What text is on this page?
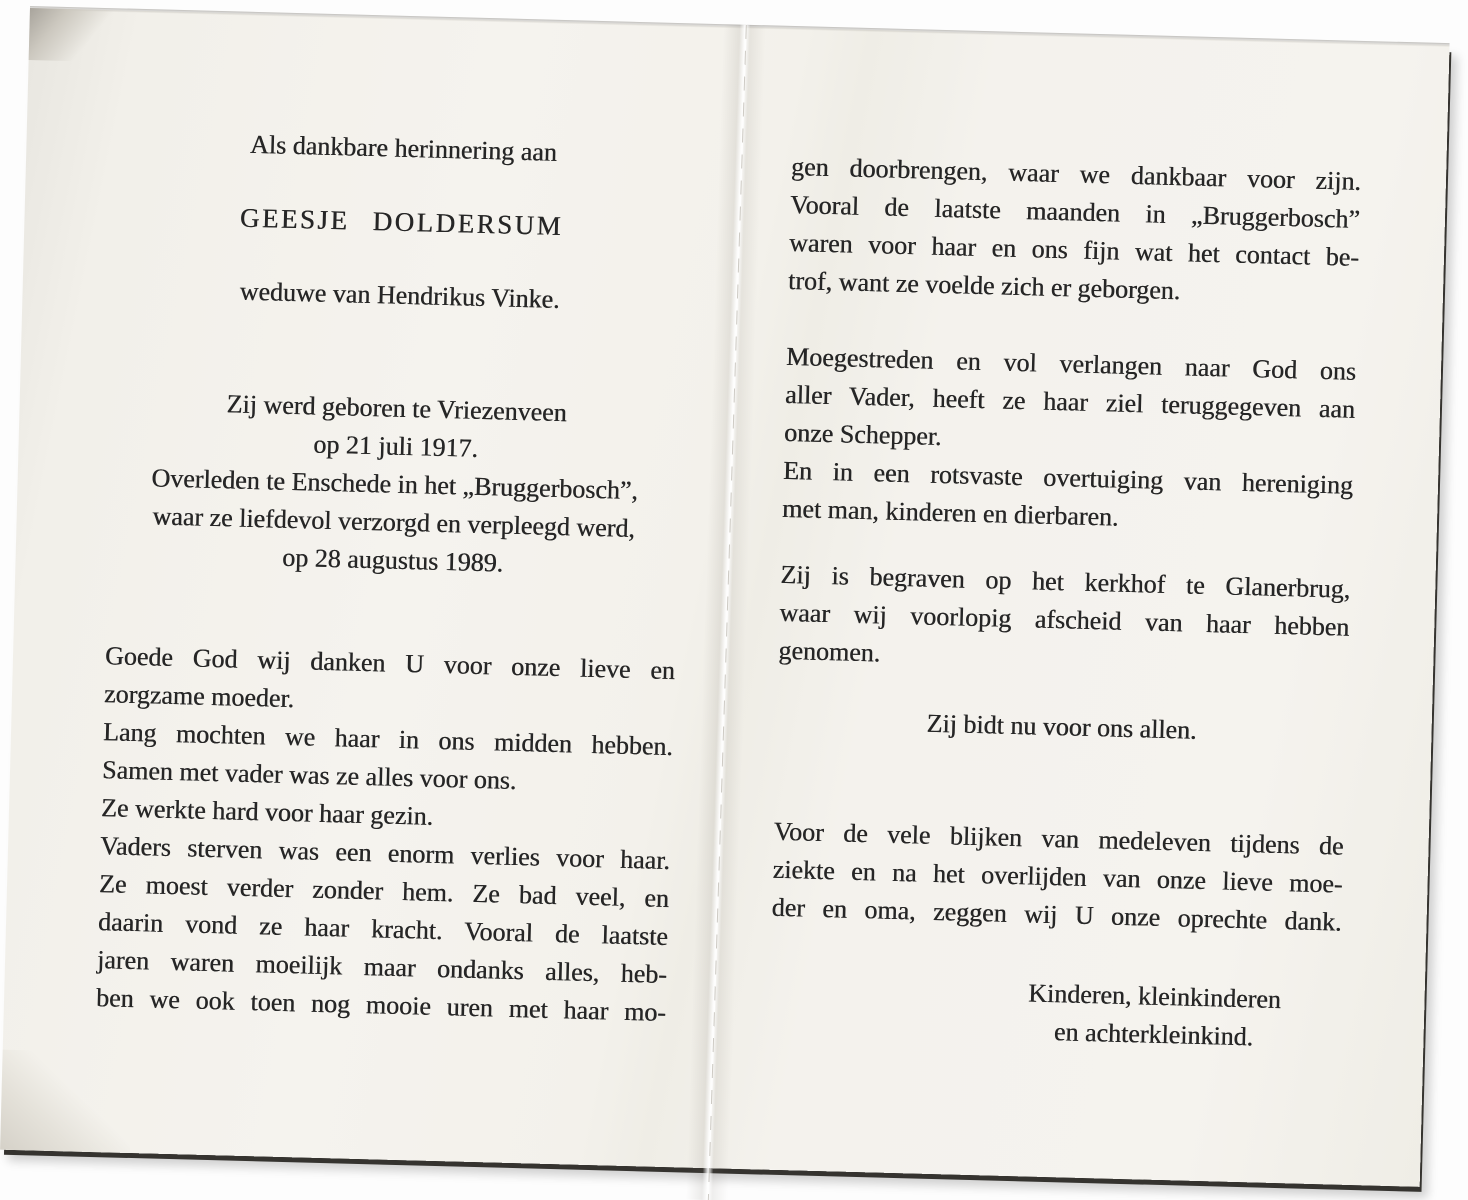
Als dankbare herinnering aan
GEESJE DOLDERSUM
weduwe van Hendrikus Vinke.
Zij werd geboren te Vriezenveen
op 21 juli 1917.
Overleden te Enschede in het „Bruggerbosch”,
waar ze liefdevol verzorgd en verpleegd werd,
op 28 augustus 1989.
Goede God wij danken U voor onze lieve en
zorgzame moeder.
Lang mochten we haar in ons midden hebben.
Samen met vader was ze alles voor ons.
Ze werkte hard voor haar gezin.
Vaders sterven was een enorm verlies voor haar.
Ze moest verder zonder hem. Ze bad veel, en
daarin vond ze haar kracht. Vooral de laatste
jaren waren moeilijk maar ondanks alles, heb-
ben we ook toen nog mooie uren met haar mo-
gen doorbrengen, waar we dankbaar voor zijn.
Vooral de laatste maanden in „Bruggerbosch”
waren voor haar en ons fijn wat het contact be-
trof, want ze voelde zich er geborgen.
Moegestreden en vol verlangen naar God ons
aller Vader, heeft ze haar ziel teruggegeven aan
onze Schepper.
En in een rotsvaste overtuiging van hereniging
met man, kinderen en dierbaren.
Zij is begraven op het kerkhof te Glanerbrug,
waar wij voorlopig afscheid van haar hebben
genomen.
Zij bidt nu voor ons allen.
Voor de vele blijken van medeleven tijdens de
ziekte en na het overlijden van onze lieve moe-
der en oma, zeggen wij U onze oprechte dank.
Kinderen, kleinkinderen
en achterkleinkind.
